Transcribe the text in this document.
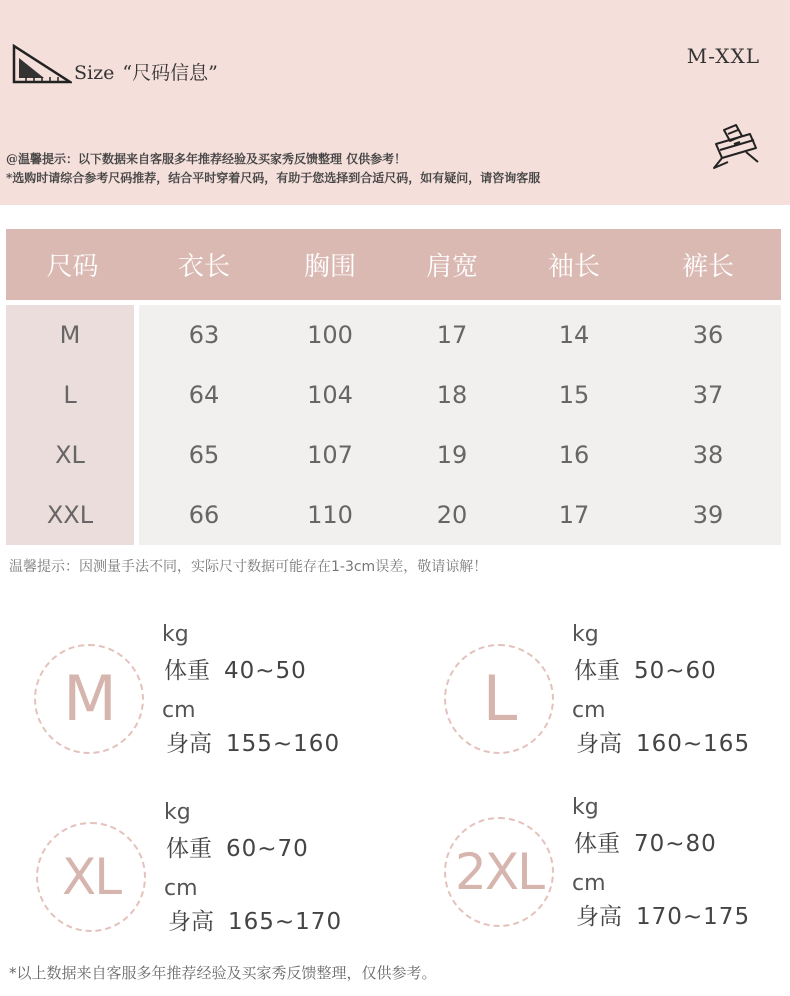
Size “尺码信息”
M-XXL
@温馨提示：以下数据来自客服多年推荐经验及买家秀反馈整理 仅供参考！
*选购时请综合参考尺码推荐，结合平时穿着尺码，有助于您选择到合适尺码，如有疑问，请咨询客服
尺码	衣长	胸围	肩宽	袖长	裤长

M	63	100	17	14	36
L	64	104	18	15	37
XL	65	107	19	16	38
XXL	66	110	20	17	39
温馨提示：因测量手法不同，实际尺寸数据可能存在1-3cm误差，敬请谅解！
M
kg
体重 40~50
cm
身高 155~160
L
kg
体重 50~60
cm
身高 160~165
XL
kg
体重 60~70
cm
身高 165~170
2XL
kg
体重 70~80
cm
身高 170~175
*以上数据来自客服多年推荐经验及买家秀反馈整理，仅供参考。
